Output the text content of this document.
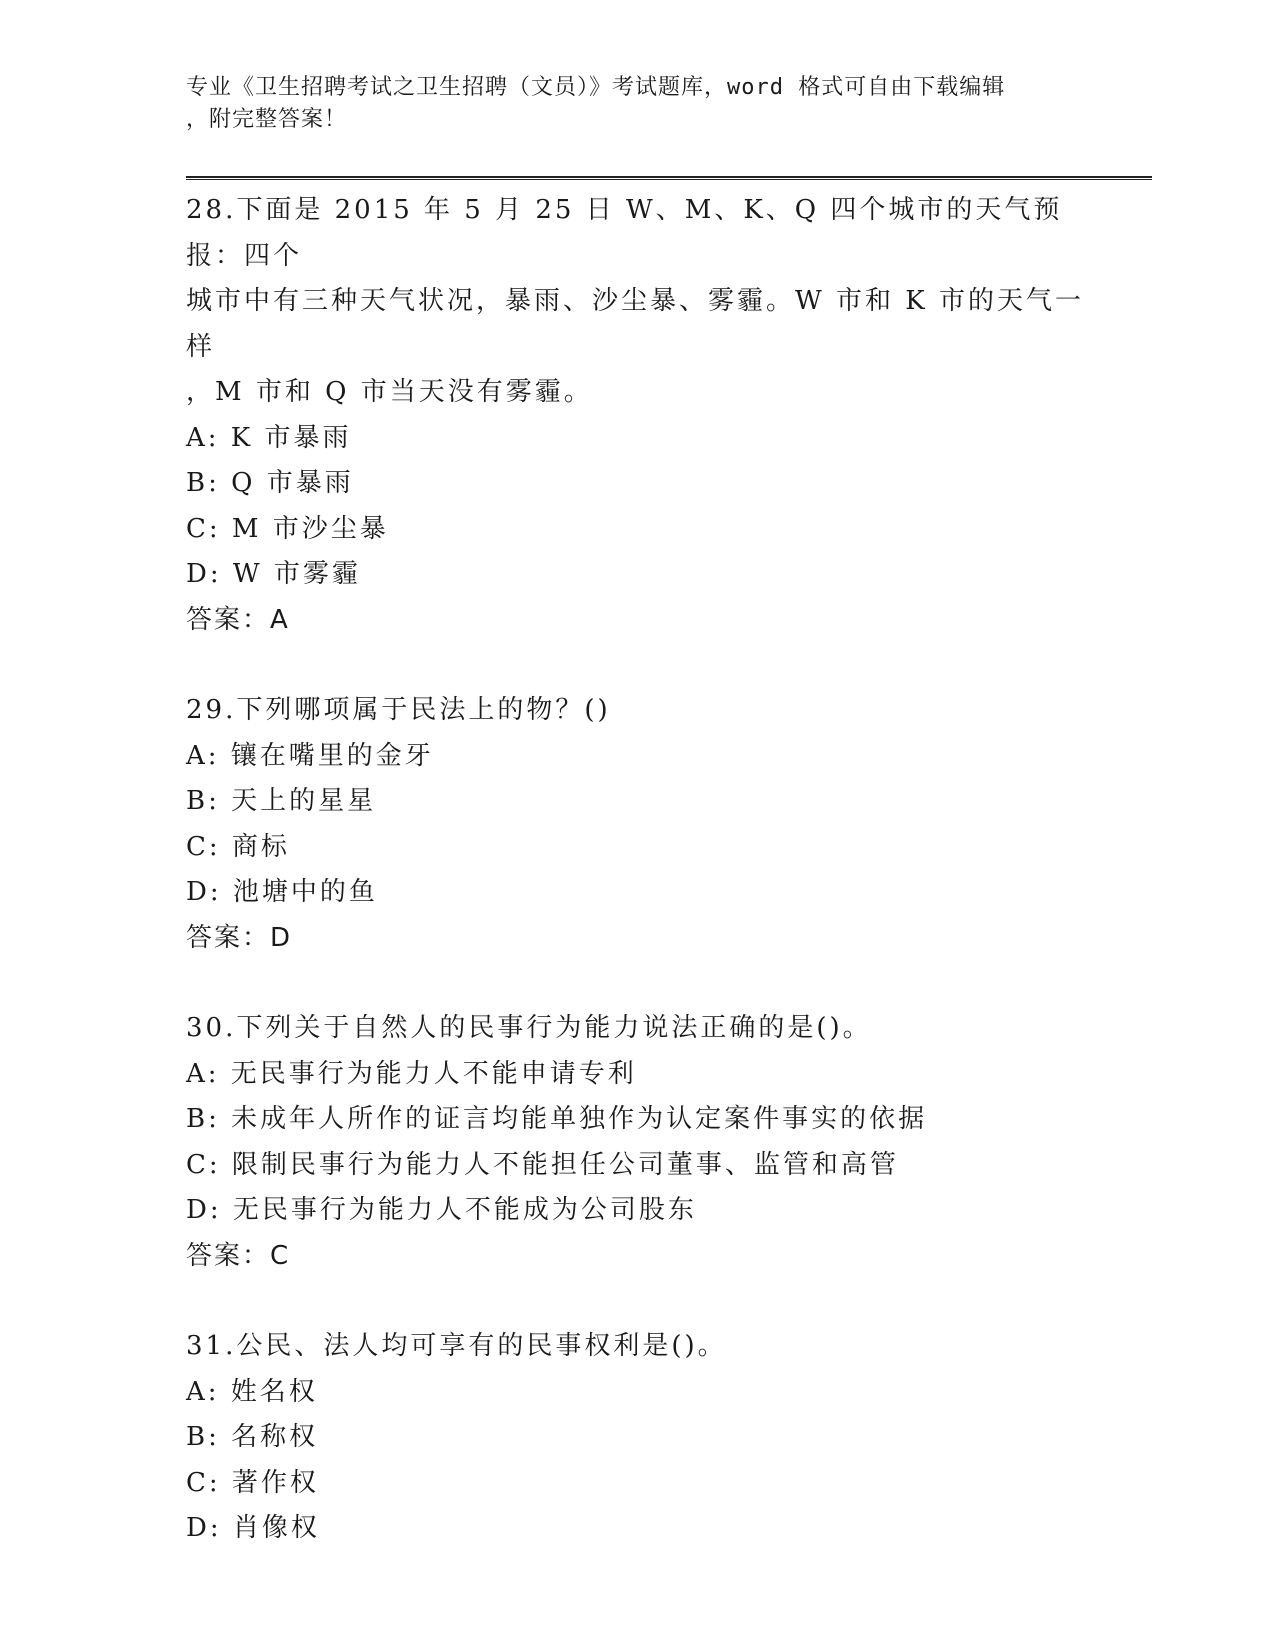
专业《卫生招聘考试之卫生招聘（文员）》考试题库，word 格式可自由下载编辑
，附完整答案！
28.下面是 2015 年 5 月 25 日 W、M、K、Q 四个城市的天气预报：四个
城市中有三种天气状况，暴雨、沙尘暴、雾霾。W 市和 K 市的天气一样
，M 市和 Q 市当天没有雾霾。
A: K 市暴雨
B: Q 市暴雨
C: M 市沙尘暴
D: W 市雾霾
答案：A
29.下列哪项属于民法上的物？()
A: 镶在嘴里的金牙
B: 天上的星星
C: 商标
D: 池塘中的鱼
答案：D
30.下列关于自然人的民事行为能力说法正确的是()。
A: 无民事行为能力人不能申请专利
B: 未成年人所作的证言均能单独作为认定案件事实的依据
C: 限制民事行为能力人不能担任公司董事、监管和高管
D: 无民事行为能力人不能成为公司股东
答案：C
31.公民、法人均可享有的民事权利是()。
A: 姓名权
B: 名称权
C: 著作权
D: 肖像权
